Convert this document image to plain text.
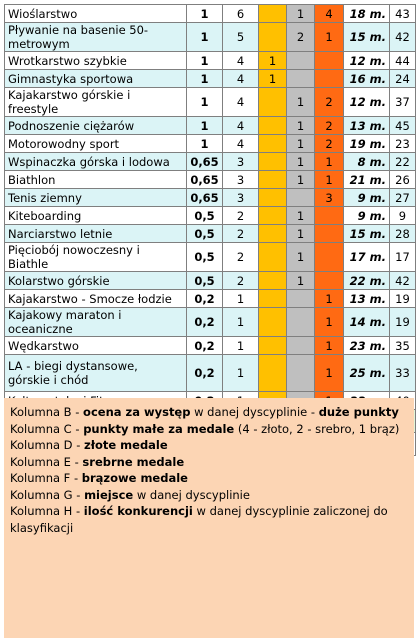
Wioślarstwo	1	6		1	4	18 m.	43
Pływanie na basenie 50-metrowym	1	5		2	1	15 m.	42
Wrotkarstwo szybkie	1	4	1			12 m.	44
Gimnastyka sportowa	1	4	1			16 m.	24
Kajakarstwo górskie i freestyle	1	4		1	2	12 m.	37
Podnoszenie ciężarów	1	4		1	2	13 m.	45
Motorowodny sport	1	4		1	2	19 m.	23
Wspinaczka górska i lodowa	0,65	3		1	1	8 m.	22
Biathlon	0,65	3		1	1	21 m.	26
Tenis ziemny	0,65	3			3	9 m.	27
Kiteboarding	0,5	2		1		9 m.	9
Narciarstwo letnie	0,5	2		1		15 m.	28
Pięciobój nowoczesny i Biathle	0,5	2		1		17 m.	17
Kolarstwo górskie	0,5	2		1		22 m.	42
Kajakarstwo - Smocze łodzie	0,2	1			1	13 m.	19
Kajakowy maraton i oceaniczne	0,2	1			1	14 m.	19
Wędkarstwo	0,2	1			1	23 m.	35
LA - biegi dystansowe, górskie i chód	0,2	1			1	25 m.	33

Kolumna B - ocena za występ w danej dyscyplinie - duże punkty
Kolumna C - punkty małe za medale (4 - złoto, 2 - srebro, 1 brąz)
Kolumna D - złote medale
Kolumna E - srebrne medale
Kolumna F - brązowe medale
Kolumna G - miejsce w danej dyscyplinie
Kolumna H - ilość konkurencji w danej dyscyplinie zaliczonej do klasyfikacji
